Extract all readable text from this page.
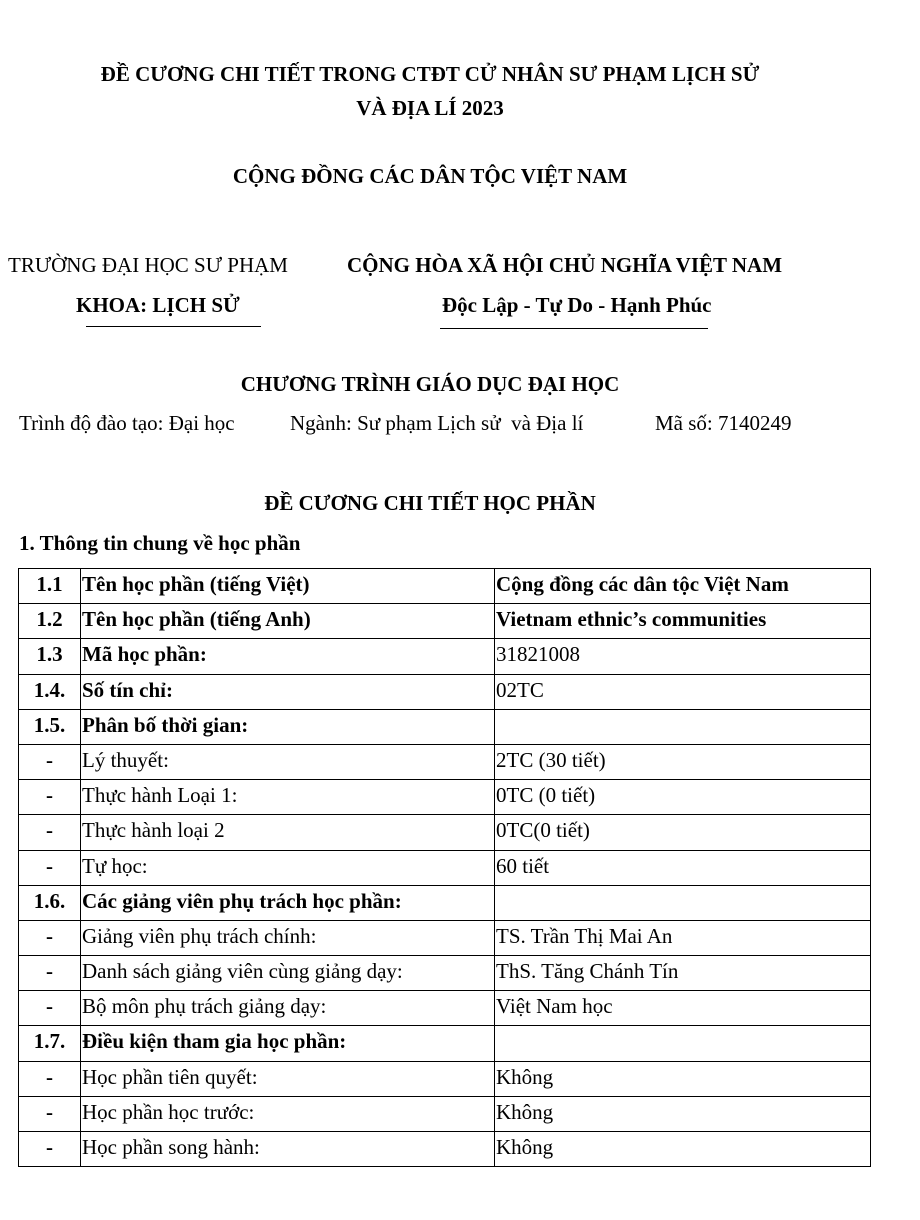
ĐỀ CƯƠNG CHI TIẾT TRONG CTĐT CỬ NHÂN SƯ PHẠM LỊCH SỬ
VÀ ĐỊA LÍ 2023
CỘNG ĐỒNG CÁC DÂN TỘC VIỆT NAM
TRƯỜNG ĐẠI HỌC SƯ PHẠM
KHOA: LỊCH SỬ
CỘNG HÒA XÃ HỘI CHỦ NGHĨA VIỆT NAM
Độc Lập - Tự Do - Hạnh Phúc
CHƯƠNG TRÌNH GIÁO DỤC ĐẠI HỌC
Trình độ đào tạo: Đại học	Ngành: Sư phạm Lịch sử  và Địa lí	Mã số: 7140249
ĐỀ CƯƠNG CHI TIẾT HỌC PHẦN
1. Thông tin chung về học phần
1.1	Tên học phần (tiếng Việt)	Cộng đồng các dân tộc Việt Nam
1.2	Tên học phần (tiếng Anh)	Vietnam ethnic’s communities
1.3	Mã học phần:	31821008
1.4.	Số tín chỉ:	02TC
1.5.	Phân bố thời gian:	
-	Lý thuyết:	2TC (30 tiết)
-	Thực hành Loại 1:	0TC (0 tiết)
-	Thực hành loại 2	0TC(0 tiết)
-	Tự học:	60 tiết
1.6.	Các giảng viên phụ trách học phần:	
-	Giảng viên phụ trách chính:	TS. Trần Thị Mai An
-	Danh sách giảng viên cùng giảng dạy:	ThS. Tăng Chánh Tín
-	Bộ môn phụ trách giảng dạy:	Việt Nam học
1.7.	Điều kiện tham gia học phần:	
-	Học phần tiên quyết:	Không
-	Học phần học trước:	Không
-	Học phần song hành:	Không
